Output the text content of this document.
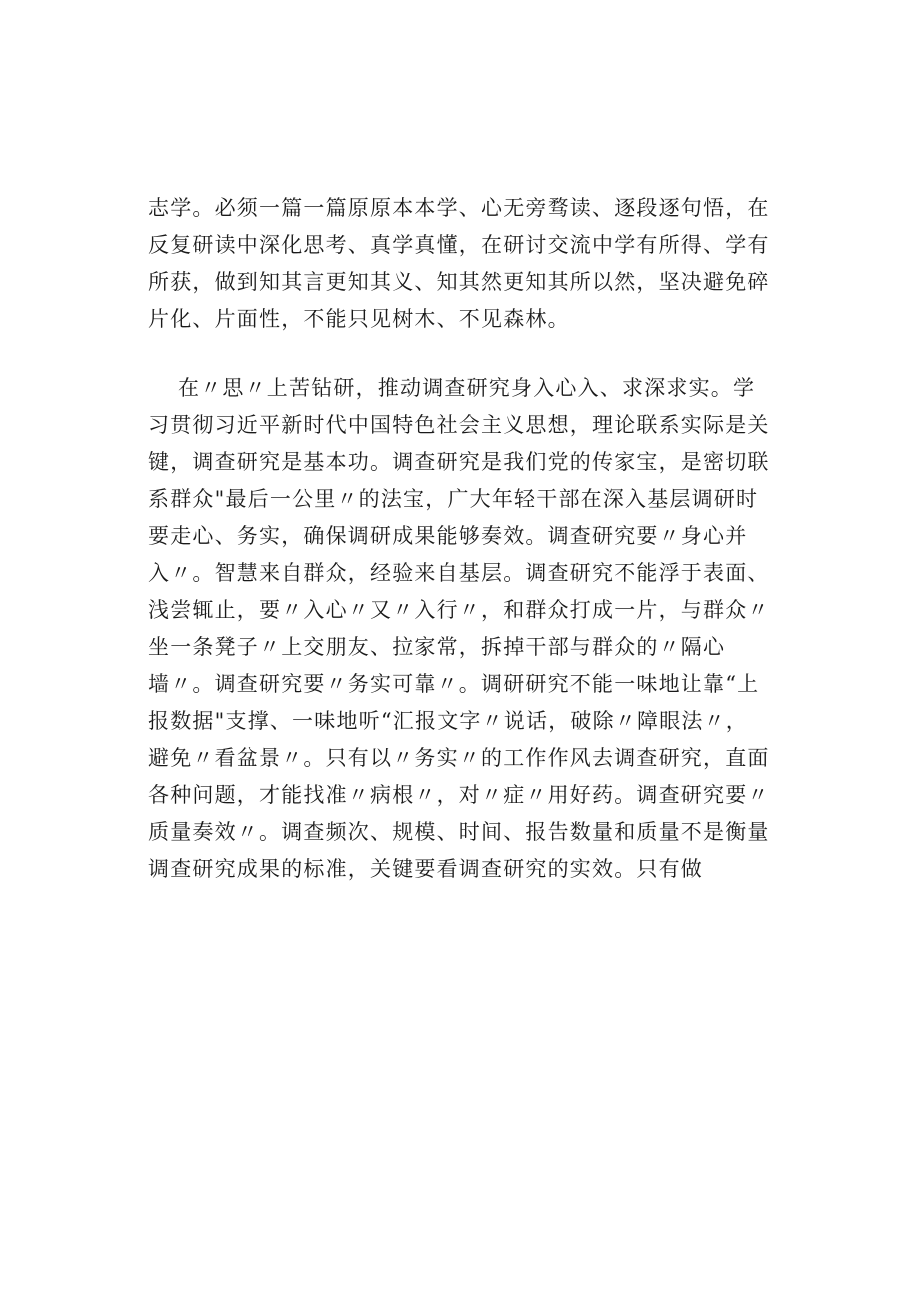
志学。必须一篇一篇原原本本学、心无旁骛读、逐段逐句悟，在
反复研读中深化思考、真学真懂，在研讨交流中学有所得、学有
所获，做到知其言更知其义、知其然更知其所以然，坚决避免碎
片化、片面性，不能只见树木、不见森林。
在〃思〃上苦钻研，推动调查研究身入心入、求深求实。学
习贯彻习近平新时代中国特色社会主义思想，理论联系实际是关
键，调查研究是基本功。调查研究是我们党的传家宝，是密切联
系群众"最后一公里〃的法宝，广大年轻干部在深入基层调研时
要走心、务实，确保调研成果能够奏效。调查研究要〃身心并
入〃。智慧来自群众，经验来自基层。调查研究不能浮于表面、
浅尝辄止，要〃入心〃又〃入行〃，和群众打成一片，与群众〃
坐一条凳子〃上交朋友、拉家常，拆掉干部与群众的〃隔心
墙〃。调查研究要〃务实可靠〃。调研研究不能一味地让靠“上
报数据"支撑、一味地听“汇报文字〃说话，破除〃障眼法〃，
避免〃看盆景〃。只有以〃务实〃的工作作风去调查研究，直面
各种问题，才能找准〃病根〃，对〃症〃用好药。调查研究要〃
质量奏效〃。调查频次、规模、时间、报告数量和质量不是衡量
调查研究成果的标准，关键要看调查研究的实效。只有做
